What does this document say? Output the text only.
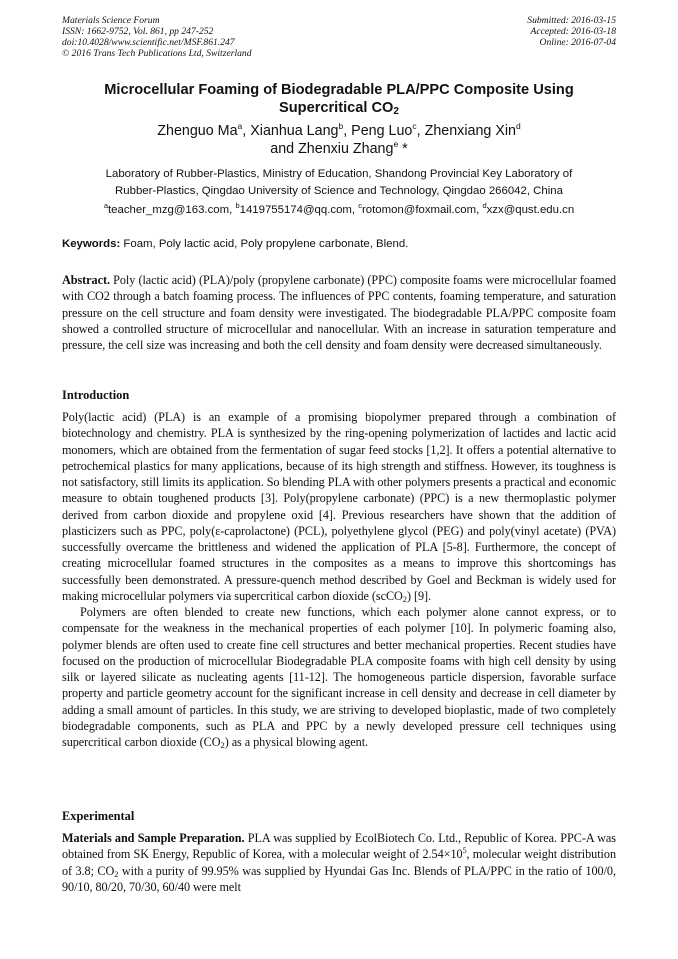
Materials Science Forum
ISSN: 1662-9752, Vol. 861, pp 247-252
doi:10.4028/www.scientific.net/MSF.861.247
© 2016 Trans Tech Publications Ltd, Switzerland
Submitted: 2016-03-15
Accepted: 2016-03-18
Online: 2016-07-04
Microcellular Foaming of Biodegradable PLA/PPC Composite Using
Supercritical $CO_2$
Zhenguo Ma$^a$, Xianhua Lang$^b$, Peng Luo$^c$, Zhenxiang Xin$^d$
and Zhenxiu Zhang$^e$ *
Laboratory of Rubber-Plastics, Ministry of Education, Shandong Provincial Key Laboratory of
Rubber-Plastics, Qingdao University of Science and Technology, Qingdao 266042, China
$^a$teacher_mzg@163.com, $^b$1419755174@qq.com, $^c$rotomon@foxmail.com, $^d$xzx@qust.edu.cn
Keywords: Foam, Poly lactic acid, Poly propylene carbonate, Blend.

Abstract. Poly (lactic acid) (PLA)/poly (propylene carbonate) (PPC) composite foams were microcellular foamed with CO2 through a batch foaming process. The influences of PPC contents, foaming temperature, and saturation pressure on the cell structure and foam density were investigated. The biodegradable PLA/PPC composite foam showed a controlled structure of microcellular and nanocellular. With an increase in saturation temperature and pressure, the cell size was increasing and both the cell density and foam density were decreased simultaneously.

Introduction

Poly(lactic acid) (PLA) is an example of a promising biopolymer prepared through a combination of biotechnology and chemistry. PLA is synthesized by the ring-opening polymerization of lactides and lactic acid monomers, which are obtained from the fermentation of sugar feed stocks [1,2]. It offers a potential alternative to petrochemical plastics for many applications, because of its high strength and stiffness. However, its toughness is not satisfactory, still limits its application. So blending PLA with other polymers presents a practical and economic measure to obtain toughened products [3]. Poly(propylene carbonate) (PPC) is a new thermoplastic polymer derived from carbon dioxide and propylene oxid [4]. Previous researchers have shown that the addition of plasticizers such as PPC, poly(ε-caprolactone) (PCL), polyethylene glycol (PEG) and poly(vinyl acetate) (PVA) successfully overcame the brittleness and widened the application of PLA [5-8]. Furthermore, the concept of creating microcellular foamed structures in the composites as a means to improve this shortcomings has successfully been demonstrated. A pressure-quench method described by Goel and Beckman is widely used for making microcellular polymers via supercritical carbon dioxide (scCO$_2$) [9].

Polymers are often blended to create new functions, which each polymer alone cannot express, or to compensate for the weakness in the mechanical properties of each polymer [10]. In polymeric foaming also, polymer blends are often used to create fine cell structures and better mechanical properties. Recent studies have focused on the production of microcellular Biodegradable PLA composite foams with high cell density by using silk or layered silicate as nucleating agents [11-12]. The homogeneous particle dispersion, favorable surface property and particle geometry account for the significant increase in cell density and decrease in cell diameter by adding a small amount of particles. In this study, we are striving to developed bioplastic, made of two completely biodegradable components, such as PLA and PPC by a newly developed pressure cell techniques using supercritical carbon dioxide $(CO_2)$ as a physical blowing agent.

Experimental

Materials and Sample Preparation. PLA was supplied by EcolBiotech Co. Ltd., Republic of Korea. PPC-A was obtained from SK Energy, Republic of Korea, with a molecular weight of $2.54\times 10^5$, molecular weight distribution of 3.8; $CO_2$ with a purity of 99.95% was supplied by Hyundai Gas Inc. Blends of PLA/PPC in the ratio of 100/0, 90/10, 80/20, 70/30, 60/40 were melt
